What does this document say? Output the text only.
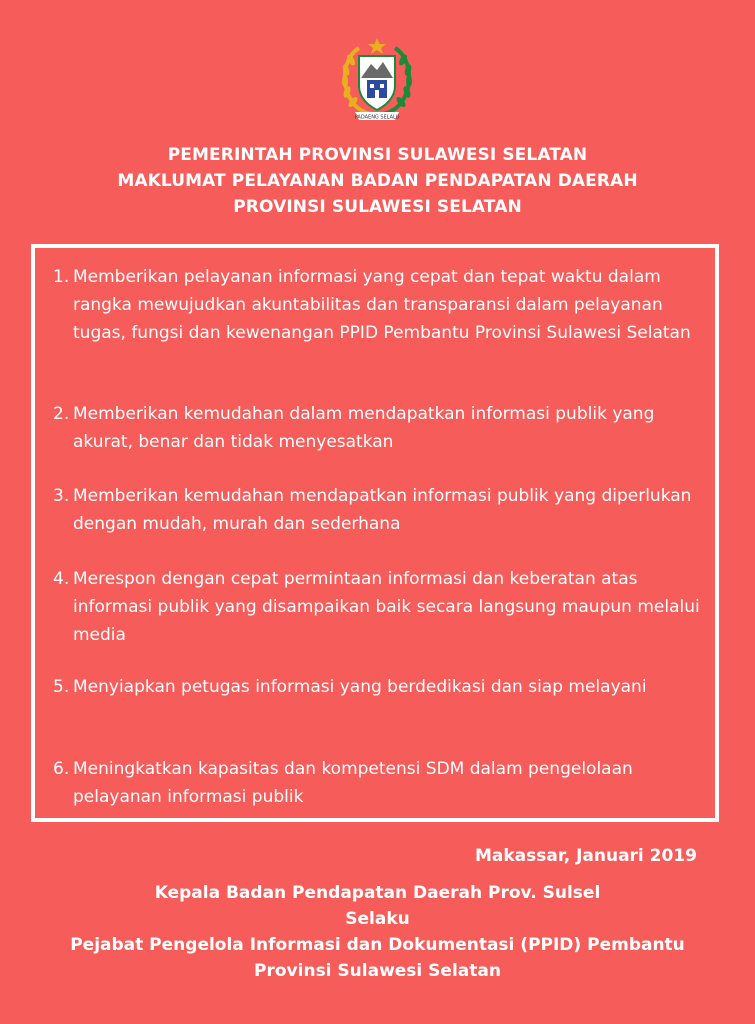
PADAENG SELALU
PEMERINTAH PROVINSI SULAWESI SELATAN
MAKLUMAT PELAYANAN BADAN PENDAPATAN DAERAH
PROVINSI SULAWESI SELATAN
1. Memberikan pelayanan informasi yang cepat dan tepat waktu dalam rangka mewujudkan akuntabilitas dan transparansi dalam pelayanan tugas, fungsi dan kewenangan PPID Pembantu Provinsi Sulawesi Selatan
2. Memberikan kemudahan dalam mendapatkan informasi publik yang akurat, benar dan tidak menyesatkan
3. Memberikan kemudahan mendapatkan informasi publik yang diperlukan dengan mudah, murah dan sederhana
4. Merespon dengan cepat permintaan informasi dan keberatan atas informasi publik yang disampaikan baik secara langsung maupun melalui media
5. Menyiapkan petugas informasi yang berdedikasi dan siap melayani
6. Meningkatkan kapasitas dan kompetensi SDM dalam pengelolaan pelayanan informasi publik
Makassar, Januari 2019
Kepala Badan Pendapatan Daerah Prov. Sulsel
Selaku
Pejabat Pengelola Informasi dan Dokumentasi (PPID) Pembantu
Provinsi Sulawesi Selatan
